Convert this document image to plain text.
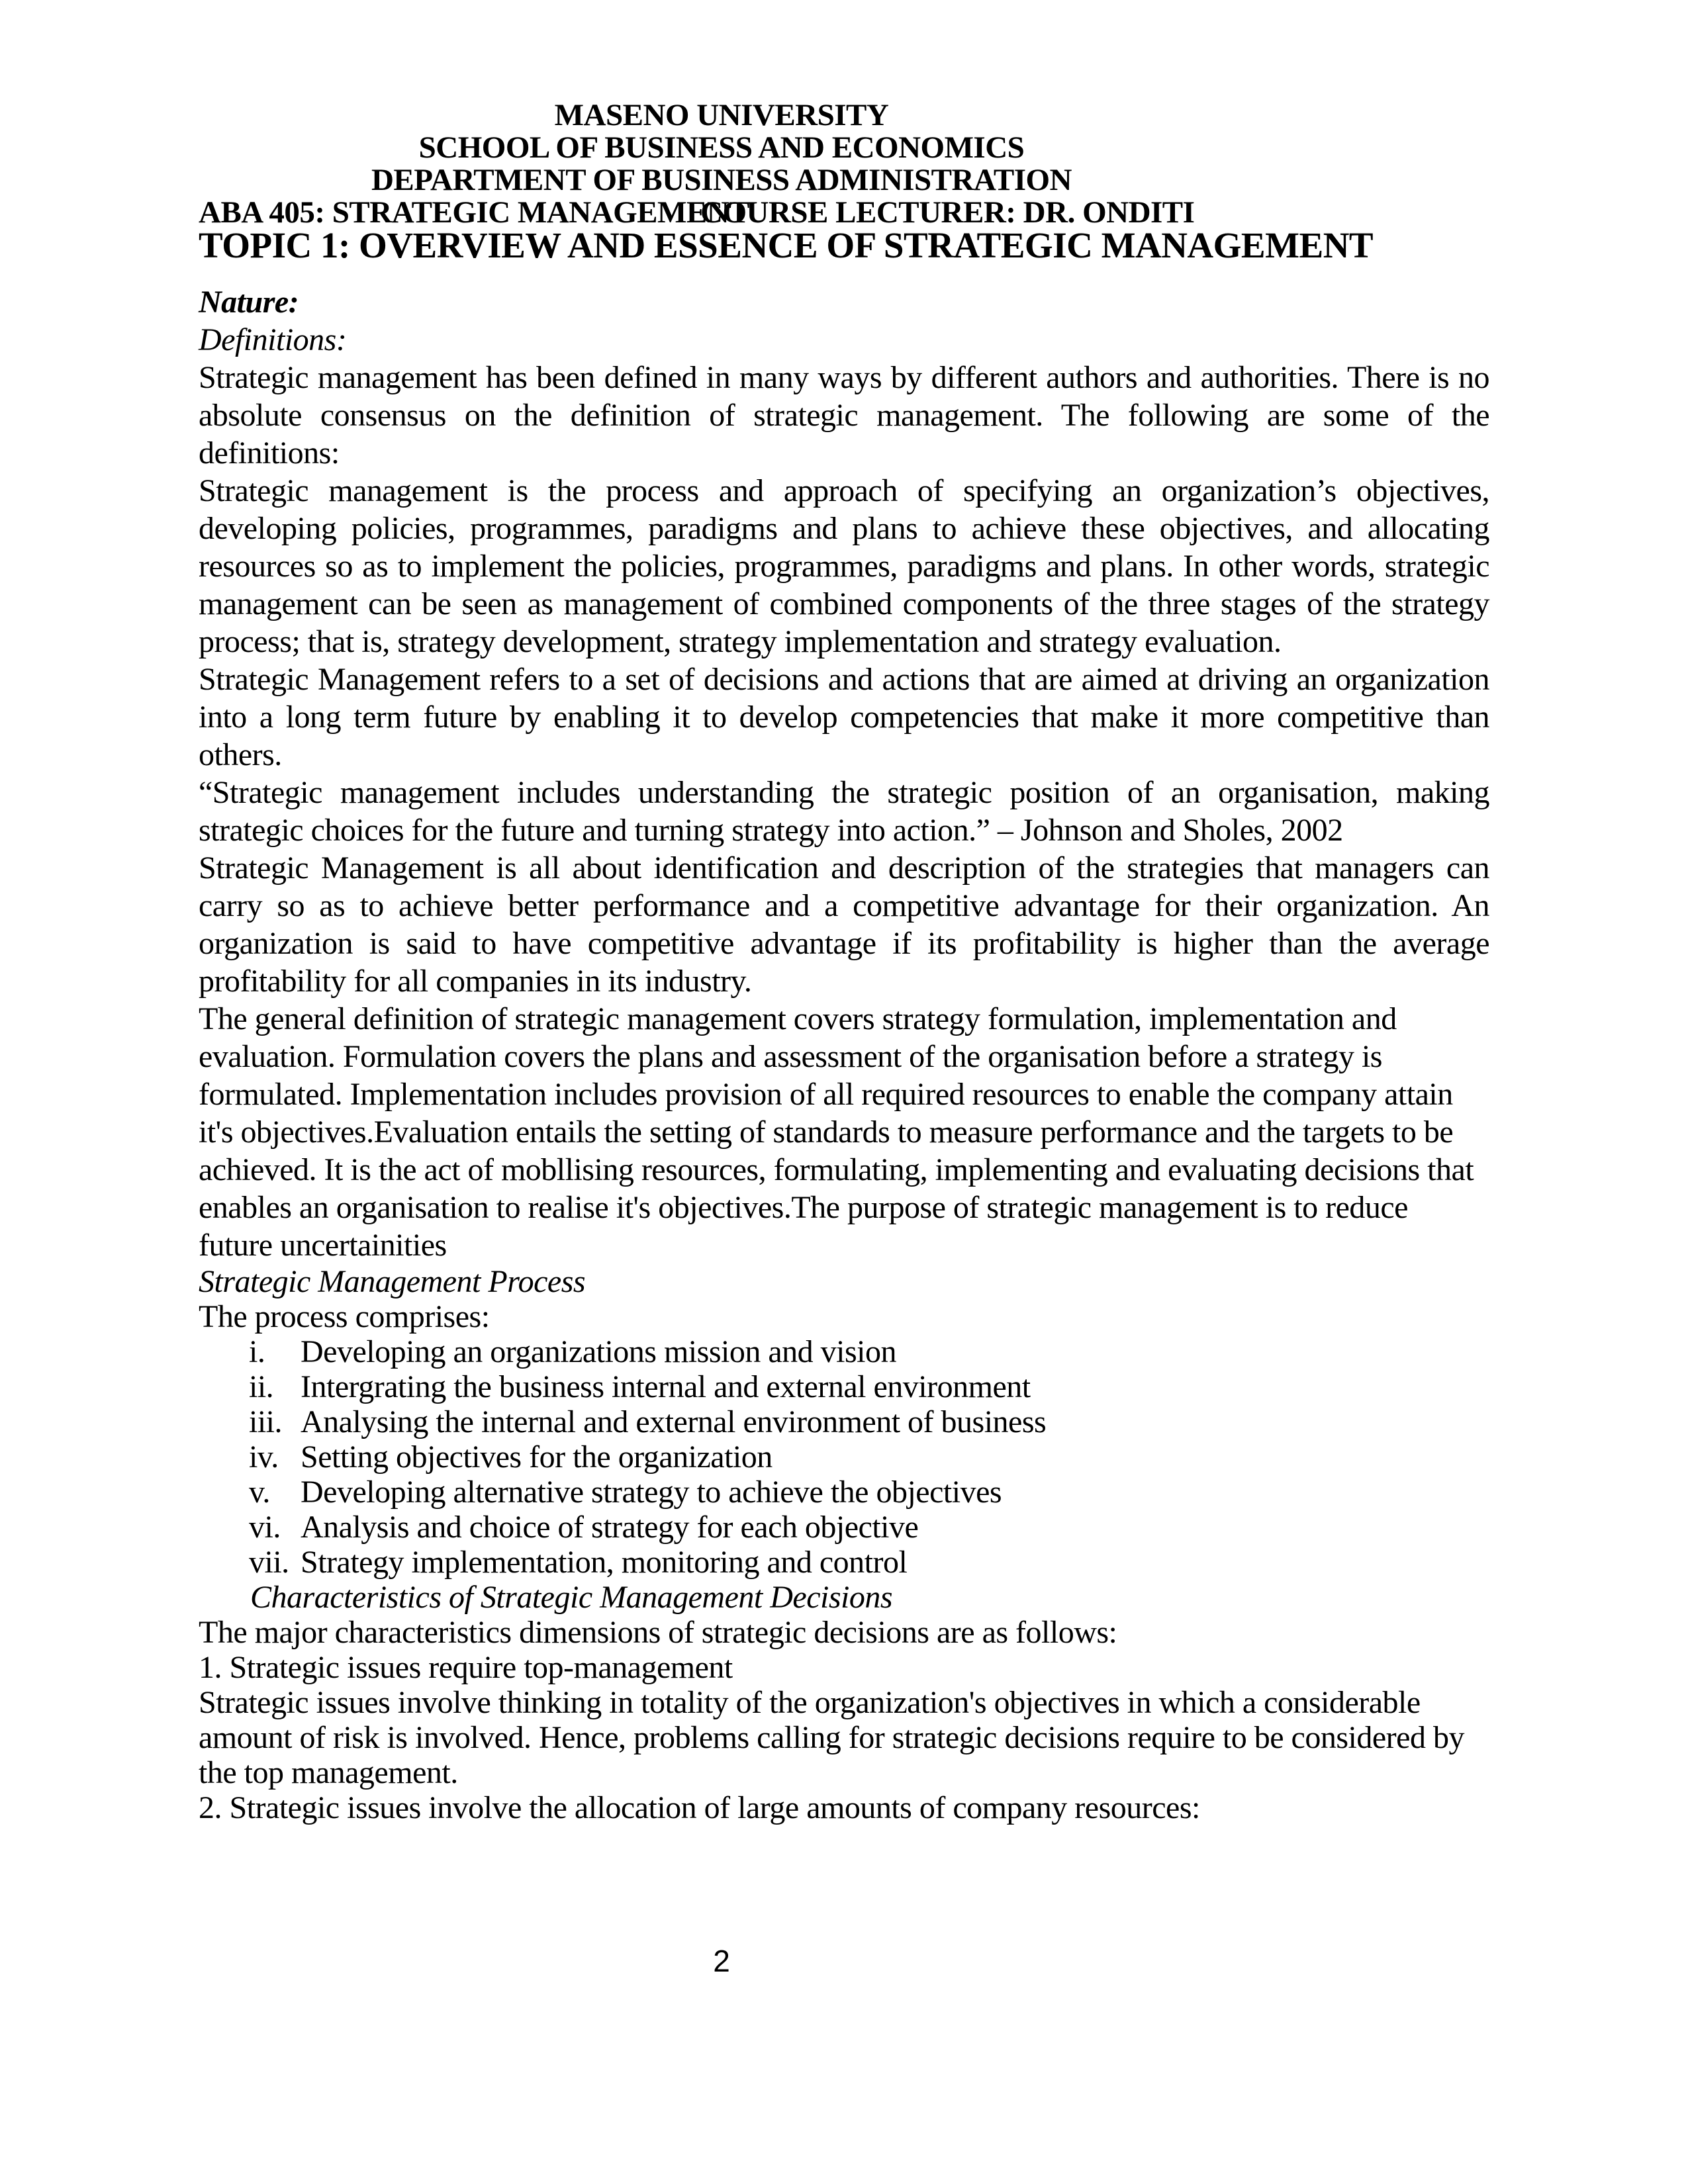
MASENO UNIVERSITY
SCHOOL OF BUSINESS AND ECONOMICS
DEPARTMENT OF BUSINESS ADMINISTRATION
ABA 405: STRATEGIC MANAGEMENT
COURSE LECTURER: DR. ONDITI
TOPIC 1: OVERVIEW AND ESSENCE OF STRATEGIC MANAGEMENT
Nature:
Definitions:
Strategic management has been defined in many ways by different authors and authorities. There is no absolute consensus on the definition of strategic management. The following are some of the definitions:
Strategic management is the process and approach of specifying an organization’s objectives, developing policies, programmes, paradigms and plans to achieve these objectives, and allocating resources so as to implement the policies, programmes, paradigms and plans. In other words, strategic management can be seen as management of combined components of the three stages of the strategy process; that is, strategy development, strategy implementation and strategy evaluation.
Strategic Management refers to a set of decisions and actions that are aimed at driving an organization into a long term future by enabling it to develop competencies that make it more competitive than others.
“Strategic management includes understanding the strategic position of an organisation, making strategic choices for the future and turning strategy into action.” – Johnson and Sholes, 2002
Strategic Management is all about identification and description of the strategies that managers can carry so as to achieve better performance and a competitive advantage for their organization. An organization is said to have competitive advantage if its profitability is higher than the average profitability for all companies in its industry.
The general definition of strategic management covers strategy formulation, implementation and evaluation. Formulation covers the plans and assessment of the organisation before a strategy is formulated. Implementation includes provision of all required resources to enable the company attain it's objectives.Evaluation entails the setting of standards to measure performance and the targets to be achieved. It is the act of mobllising resources, formulating, implementing and evaluating decisions that enables an organisation to realise it's objectives.The purpose of strategic management is to reduce future uncertainities
Strategic Management Process
The process comprises:
i. Developing an organizations mission and vision
ii. Intergrating the business internal and external environment
iii. Analysing the internal and external environment of business
iv. Setting objectives for the organization
v. Developing alternative strategy to achieve the objectives
vi. Analysis and choice of strategy for each objective
vii. Strategy implementation, monitoring and control
Characteristics of Strategic Management Decisions
The major characteristics dimensions of strategic decisions are as follows:
1. Strategic issues require top-management
Strategic issues involve thinking in totality of the organization's objectives in which a considerable amount of risk is involved. Hence, problems calling for strategic decisions require to be considered by the top management.
2. Strategic issues involve the allocation of large amounts of company resources:
2
